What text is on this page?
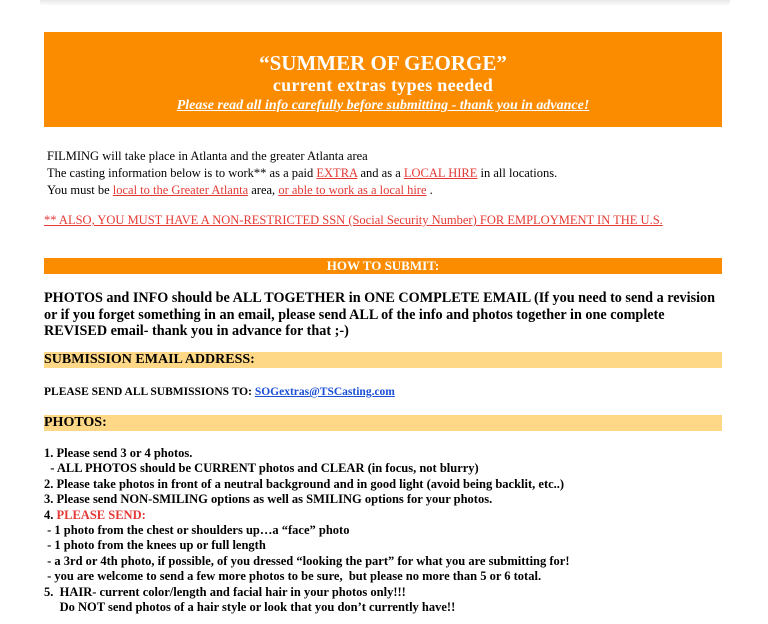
“SUMMER OF GEORGE”
current extras types needed
Please read all info carefully before submitting - thank you in advance!
FILMING will take place in Atlanta and the greater Atlanta area
The casting information below is to work** as a paid EXTRA and as a LOCAL HIRE in all locations.
You must be local to the Greater Atlanta area, or able to work as a local hire .
** ALSO, YOU MUST HAVE A NON-RESTRICTED SSN (Social Security Number) FOR EMPLOYMENT IN THE U.S.
HOW TO SUBMIT:
PHOTOS and INFO should be ALL TOGETHER in ONE COMPLETE EMAIL (If you need to send a revision or if you forget something in an email, please send ALL of the info and photos together in one complete REVISED email- thank you in advance for that ;-)
SUBMISSION EMAIL ADDRESS:
PLEASE SEND ALL SUBMISSIONS TO: SOGextras@TSCasting.com
PHOTOS:
1. Please send 3 or 4 photos.
- ALL PHOTOS should be CURRENT photos and CLEAR (in focus, not blurry)
2. Please take photos in front of a neutral background and in good light (avoid being backlit, etc..)
3. Please send NON-SMILING options as well as SMILING options for your photos.
4. PLEASE SEND:
- 1 photo from the chest or shoulders up…a “face” photo
- 1 photo from the knees up or full length
- a 3rd or 4th photo, if possible, of you dressed “looking the part” for what you are submitting for!
- you are welcome to send a few more photos to be sure,  but please no more than 5 or 6 total.
5.  HAIR- current color/length and facial hair in your photos only!!!
Do NOT send photos of a hair style or look that you don’t currently have!!
